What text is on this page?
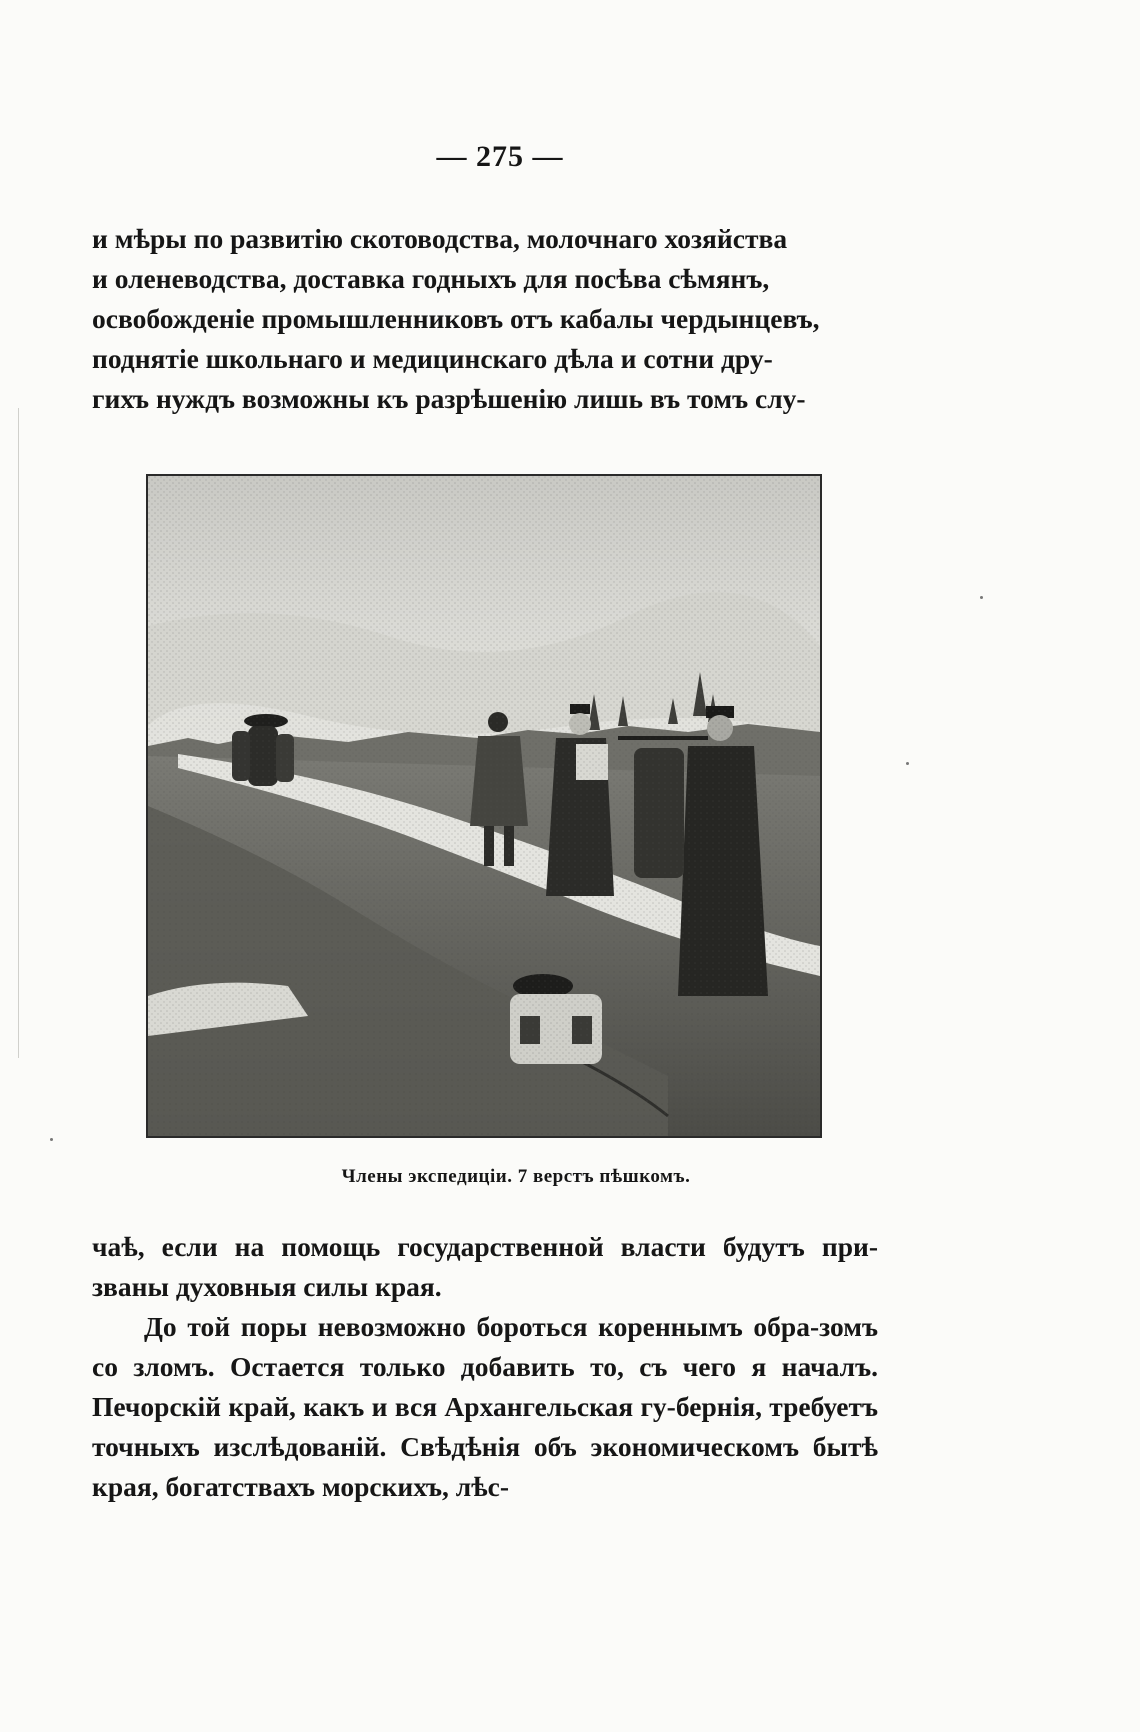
— 275 —

и мѣры по развитію скотоводства, молочнаго хозяйства

и оленеводства, доставка годныхъ для посѣва сѣмянъ,

освобожденіе промышленниковъ отъ кабалы чердынцевъ,

поднятіе школьнаго и медицинскаго дѣла и сотни дру-

гихъ нуждъ возможны къ разрѣшенію лишь въ томъ слу-

Члены экспедиціи. 7 верстъ пѣшкомъ.

чаѣ, если на помощь государственной власти будутъ при-званы духовныя силы края.

До той поры невозможно бороться кореннымъ обра-зомъ со зломъ. Остается только добавить то, съ чего я началъ. Печорскій край, какъ и вся Архангельская гу-бернія, требуетъ точныхъ изслѣдованій. Свѣдѣнія объ экономическомъ бытѣ края, богатствахъ морскихъ, лѣс-
